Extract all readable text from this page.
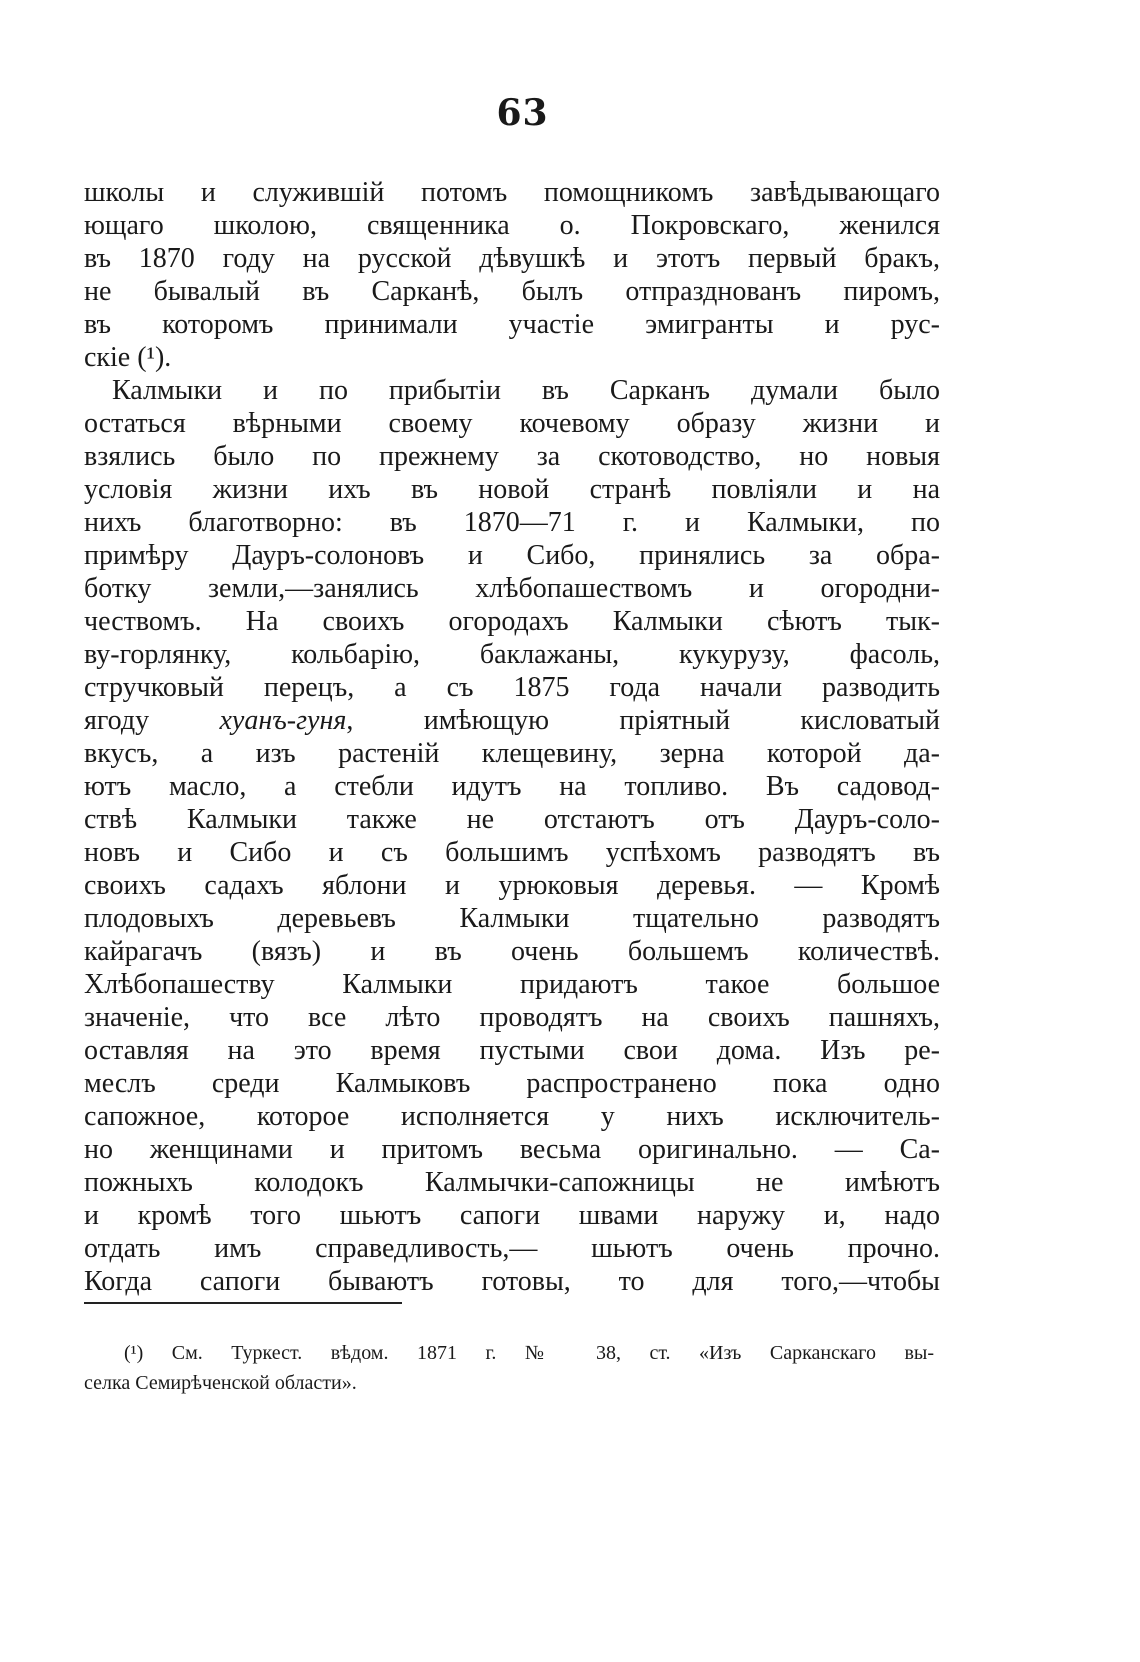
63
школы и служившій потомъ помощникомъ завѣдывающаго
ющаго школою, священника о. Покровскаго, женился
въ 1870 году на русской дѣвушкѣ и этотъ первый бракъ,
не бывалый въ Сарканѣ, былъ отпразднованъ пиромъ,
въ которомъ принимали участіе эмигранты и рус-
скіе (¹).
Калмыки и по прибытіи въ Сарканъ думали было
остаться вѣрными своему кочевому образу жизни и
взялись было по прежнему за скотоводство, но новыя
условія жизни ихъ въ новой странѣ повліяли и на
нихъ благотворно: въ 1870—71 г. и Калмыки, по
примѣру Дауръ-солоновъ и Сибо, принялись за обра-
ботку земли,—занялись хлѣбопашествомъ и огородни-
чествомъ. На своихъ огородахъ Калмыки сѣютъ тык-
ву-горлянку, кольбарію, баклажаны, кукурузу, фасоль,
стручковый перецъ, а съ 1875 года начали разводить
ягоду хуанъ-гуня, имѣющую пріятный кисловатый
вкусъ, а изъ растеній клещевину, зерна которой да-
ютъ масло, а стебли идутъ на топливо. Въ садовод-
ствѣ Калмыки также не отстаютъ отъ Дауръ-соло-
новъ и Сибо и съ большимъ успѣхомъ разводятъ въ
своихъ садахъ яблони и урюковыя деревья. — Кромѣ
плодовыхъ деревьевъ Калмыки тщательно разводятъ
кайрагачъ (вязъ) и въ очень большемъ количествѣ.
Хлѣбопашеству Калмыки придаютъ такое большое
значеніе, что все лѣто проводятъ на своихъ пашняхъ,
оставляя на это время пустыми свои дома. Изъ ре-
меслъ среди Калмыковъ распространено пока одно
сапожное, которое исполняется у нихъ исключитель-
но женщинами и притомъ весьма оригинально. — Са-
пожныхъ колодокъ Калмычки-сапожницы не имѣютъ
и кромѣ того шьютъ сапоги швами наружу и, надо
отдать имъ справедливость,— шьютъ очень прочно.
Когда сапоги бываютъ готовы, то для того,—чтобы
(¹) См. Туркест. вѣдом. 1871 г. № 38, ст. «Изъ Сарканскаго вы-
селка Семирѣченской области».
